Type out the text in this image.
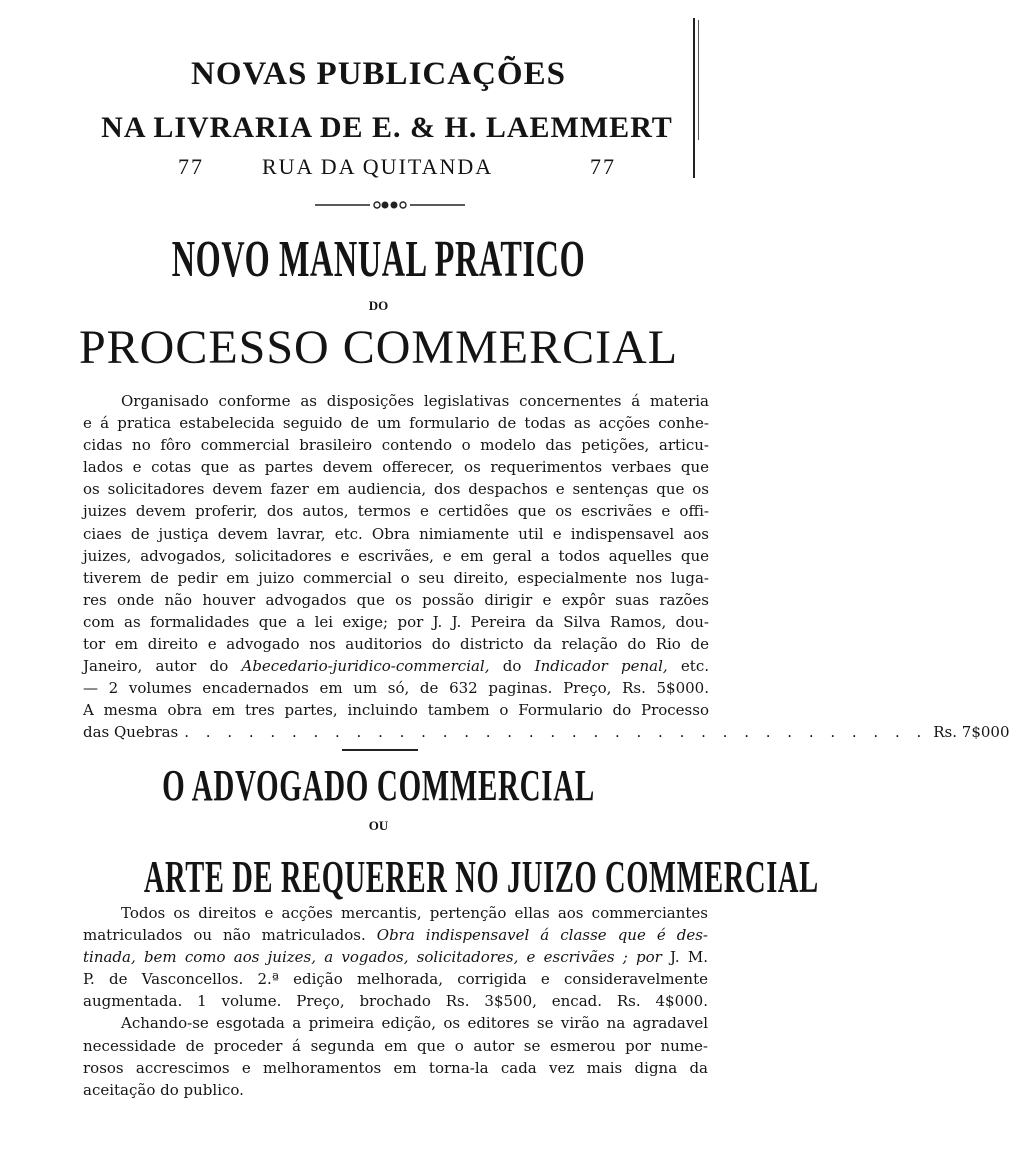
NOVAS PUBLICAÇÕES
NA LIVRARIA DE E. & H. LAEMMERT
77	RUA DA QUITANDA	77
NOVO MANUAL PRATICO
DO
PROCESSO COMMERCIAL
Organisado conforme as disposições legislativas concernentes á materia
e á pratica estabelecida seguido de um formulario de todas as acções conhe-
cidas no fôro commercial brasileiro contendo o modelo das petições, articu-
lados e cotas que as partes devem offerecer, os requerimentos verbaes que
os solicitadores devem fazer em audiencia, dos despachos e sentenças que os
juizes devem proferir, dos autos, termos e certidões que os escrivães e offi-
ciaes de justiça devem lavrar, etc. Obra nimiamente util e indispensavel aos
juizes, advogados, solicitadores e escrivães, e em geral a todos aquelles que
tiverem de pedir em juizo commercial o seu direito, especialmente nos luga-
res onde não houver advogados que os possão dirigir e expôr suas razões
com as formalidades que a lei exige; por J. J. Pereira da Silva Ramos, dou-
tor em direito e advogado nos auditorios do districto da relação do Rio de
Janeiro, autor do Abecedario-juridico-commercial, do Indicador penal, etc.
— 2 volumes encadernados em um só, de 632 paginas. Preço, Rs. 5$000.
A mesma obra em tres partes, incluindo tambem o Formulario do Processo
das Quebras . . . . . . . . . . . . . . . . . . . . . . . . . . . . . . . . . . . Rs. 7$000
O ADVOGADO COMMERCIAL
OU
ARTE DE REQUERER NO JUIZO COMMERCIAL
Todos os direitos e acções mercantis, pertenção ellas aos commerciantes
matriculados ou não matriculados. Obra indispensavel á classe que é des-
tinada, bem como aos juizes, a vogados, solicitadores, e escrivães ; por J. M.
P. de Vasconcellos. 2.ª edição melhorada, corrigida e consideravelmente
augmentada. 1 volume. Preço, brochado Rs. 3$500, encad. Rs. 4$000.
Achando-se esgotada a primeira edição, os editores se virão na agradavel
necessidade de proceder á segunda em que o autor se esmerou por nume-
rosos accrescimos e melhoramentos em torna-la cada vez mais digna da
aceitação do publico.
